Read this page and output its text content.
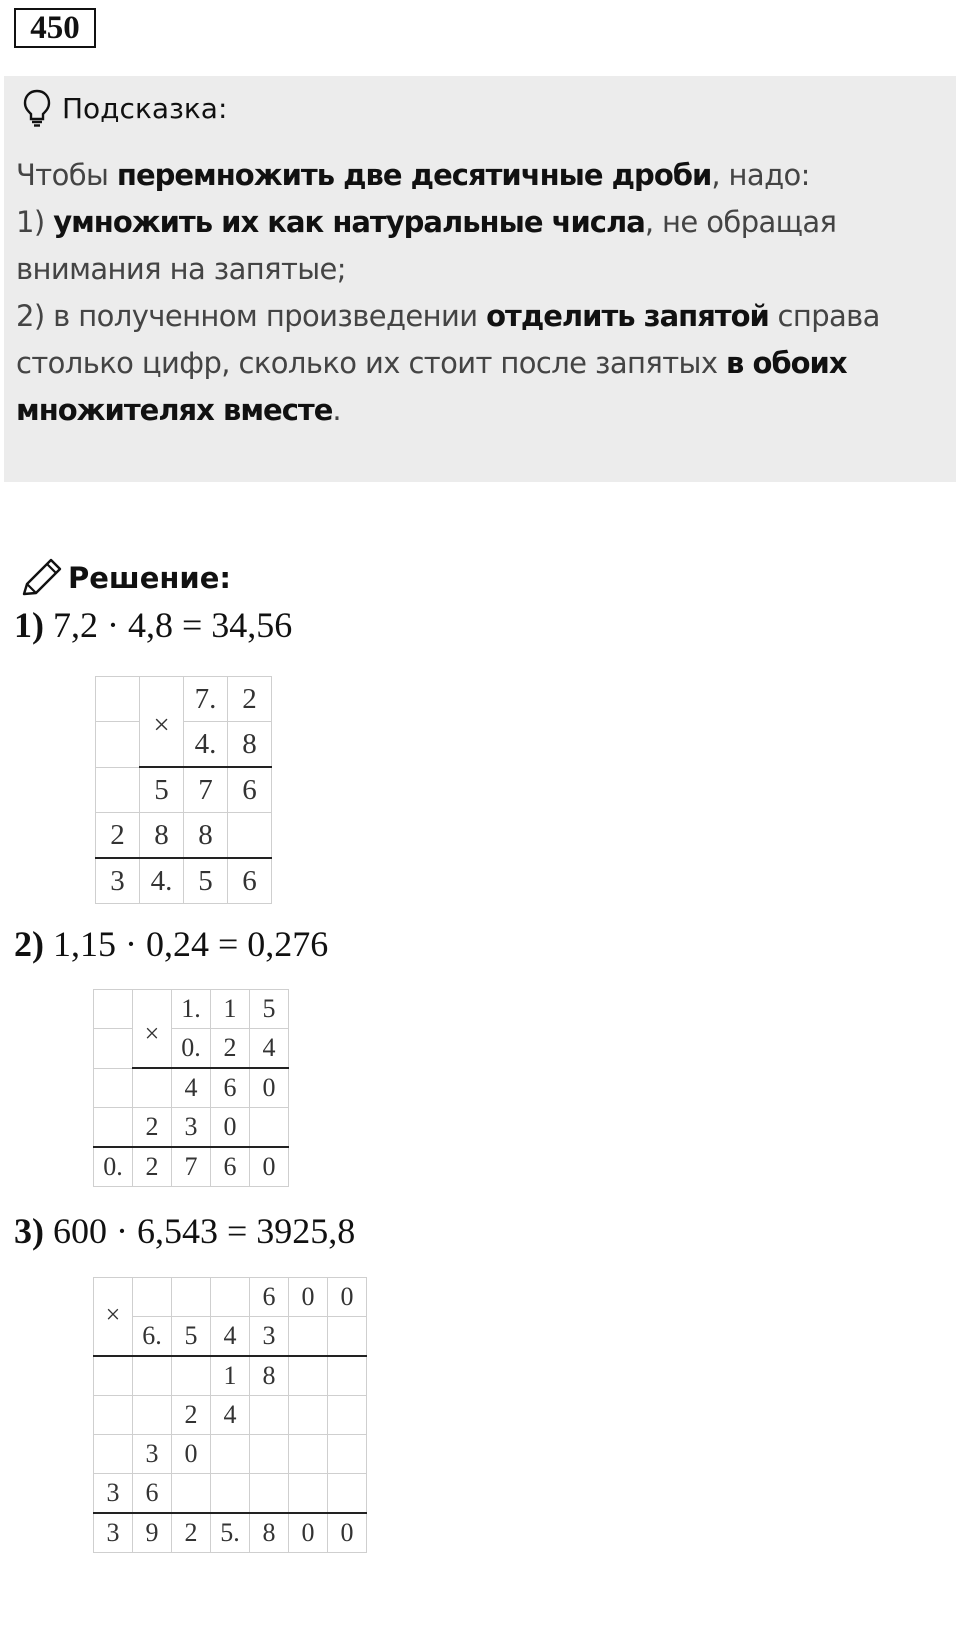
450
Подсказка:
Чтобы перемножить две десятичные дроби, надо:
1) умножить их как натуральные числа, не обращая
внимания на запятые;
2) в полученном произведении отделить запятой справа
столько цифр, сколько их стоит после запятых в обоих
множителях вместе.
Решение:
1) 7,2 · 4,8 = 34,56
	×	7.	2
		4.	8
	5	7	6
2	8	8	
3	4.	5	6
2) 1,15 · 0,24 = 0,276
	×	1.	1	5
		0.	2	4
		4	6	0
	2	3	0	
0.	2	7	6	0
3) 600 · 6,543 = 3925,8
×				6	0	0
	6.	5	4	3		
			1	8		
		2	4			
	3	0				
3	6					
3	9	2	5.	8	0	0
